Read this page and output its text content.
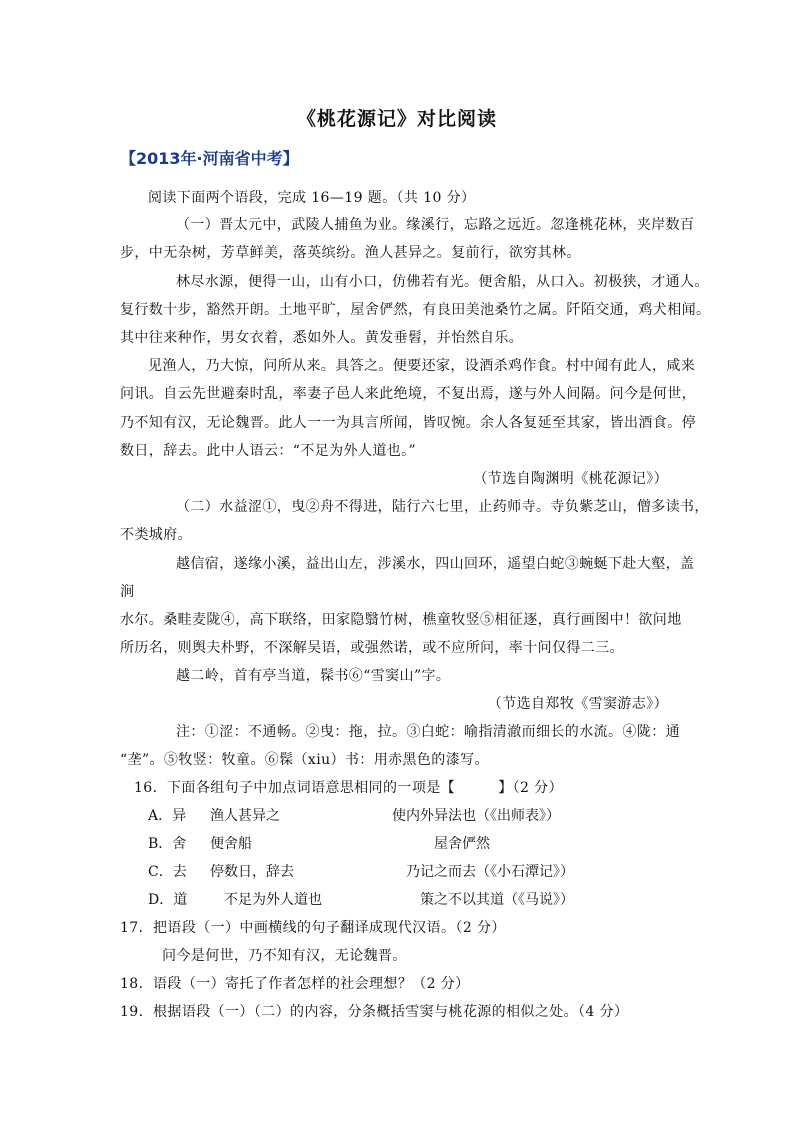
《桃花源记》对比阅读
【2013年·河南省中考】
阅读下面两个语段，完成 16—19 题。（共 10 分）
（一）晋太元中，武陵人捕鱼为业。缘溪行，忘路之远近。忽逢桃花林，夹岸数百
步，中无杂树，芳草鲜美，落英缤纷。渔人甚异之。复前行，欲穷其林。
林尽水源，便得一山，山有小口，仿佛若有光。便舍船，从口入。初极狭，才通人。
复行数十步，豁然开朗。土地平旷，屋舍俨然，有良田美池桑竹之属。阡陌交通，鸡犬相闻。
其中往来种作，男女衣着，悉如外人。黄发垂髫，并怡然自乐。
见渔人，乃大惊，问所从来。具答之。便要还家，设酒杀鸡作食。村中闻有此人，咸来
问讯。自云先世避秦时乱，率妻子邑人来此绝境，不复出焉，遂与外人间隔。问今是何世，
乃不知有汉，无论魏晋。此人一一为具言所闻，皆叹惋。余人各复延至其家，皆出酒食。停
数日，辞去。此中人语云：“不足为外人道也。”
（节选自陶渊明《桃花源记》）
（二）水益涩①，曳②舟不得进，陆行六七里，止药师寺。寺负紫芝山，僧多读书，
不类城府。
越信宿，遂缘小溪，益出山左，涉溪水，四山回环，遥望白蛇③蜿蜒下赴大壑，盖
涧
水尔。桑畦麦陇④，高下联络，田家隐翳竹树，樵童牧竖⑤相征逐，真行画图中！欲问地
所历名，则舆夫朴野，不深解吴语，或强然诺，或不应所问，率十问仅得二三。
越二岭，首有亭当道，髹书⑥“雪窦山”字。
（节选自郑牧《雪窦游志》）
注：①涩：不通畅。②曳：拖，拉。③白蛇：喻指清澈而细长的水流。④陇：通
“垄”。⑤牧竖：牧童。⑥髹（xiu）书：用赤黑色的漆写。
16．下面各组句子中加点词语意思相同的一项是【　　　】（2 分）
A．异 渔人甚异之	使内外异法也（《出师表》）
B．舍 便舍船	屋舍俨然
C．去 停数日，辞去	乃记之而去（《小石潭记》）
D．道	不足为外人道也	策之不以其道（《马说》）
17．把语段（一）中画横线的句子翻译成现代汉语。（2 分）
问今是何世，乃不知有汉，无论魏晋。
18．语段（一）寄托了作者怎样的社会理想？（2 分）
19．根据语段（一）（二）的内容，分条概括雪窦与桃花源的相似之处。（4 分）
